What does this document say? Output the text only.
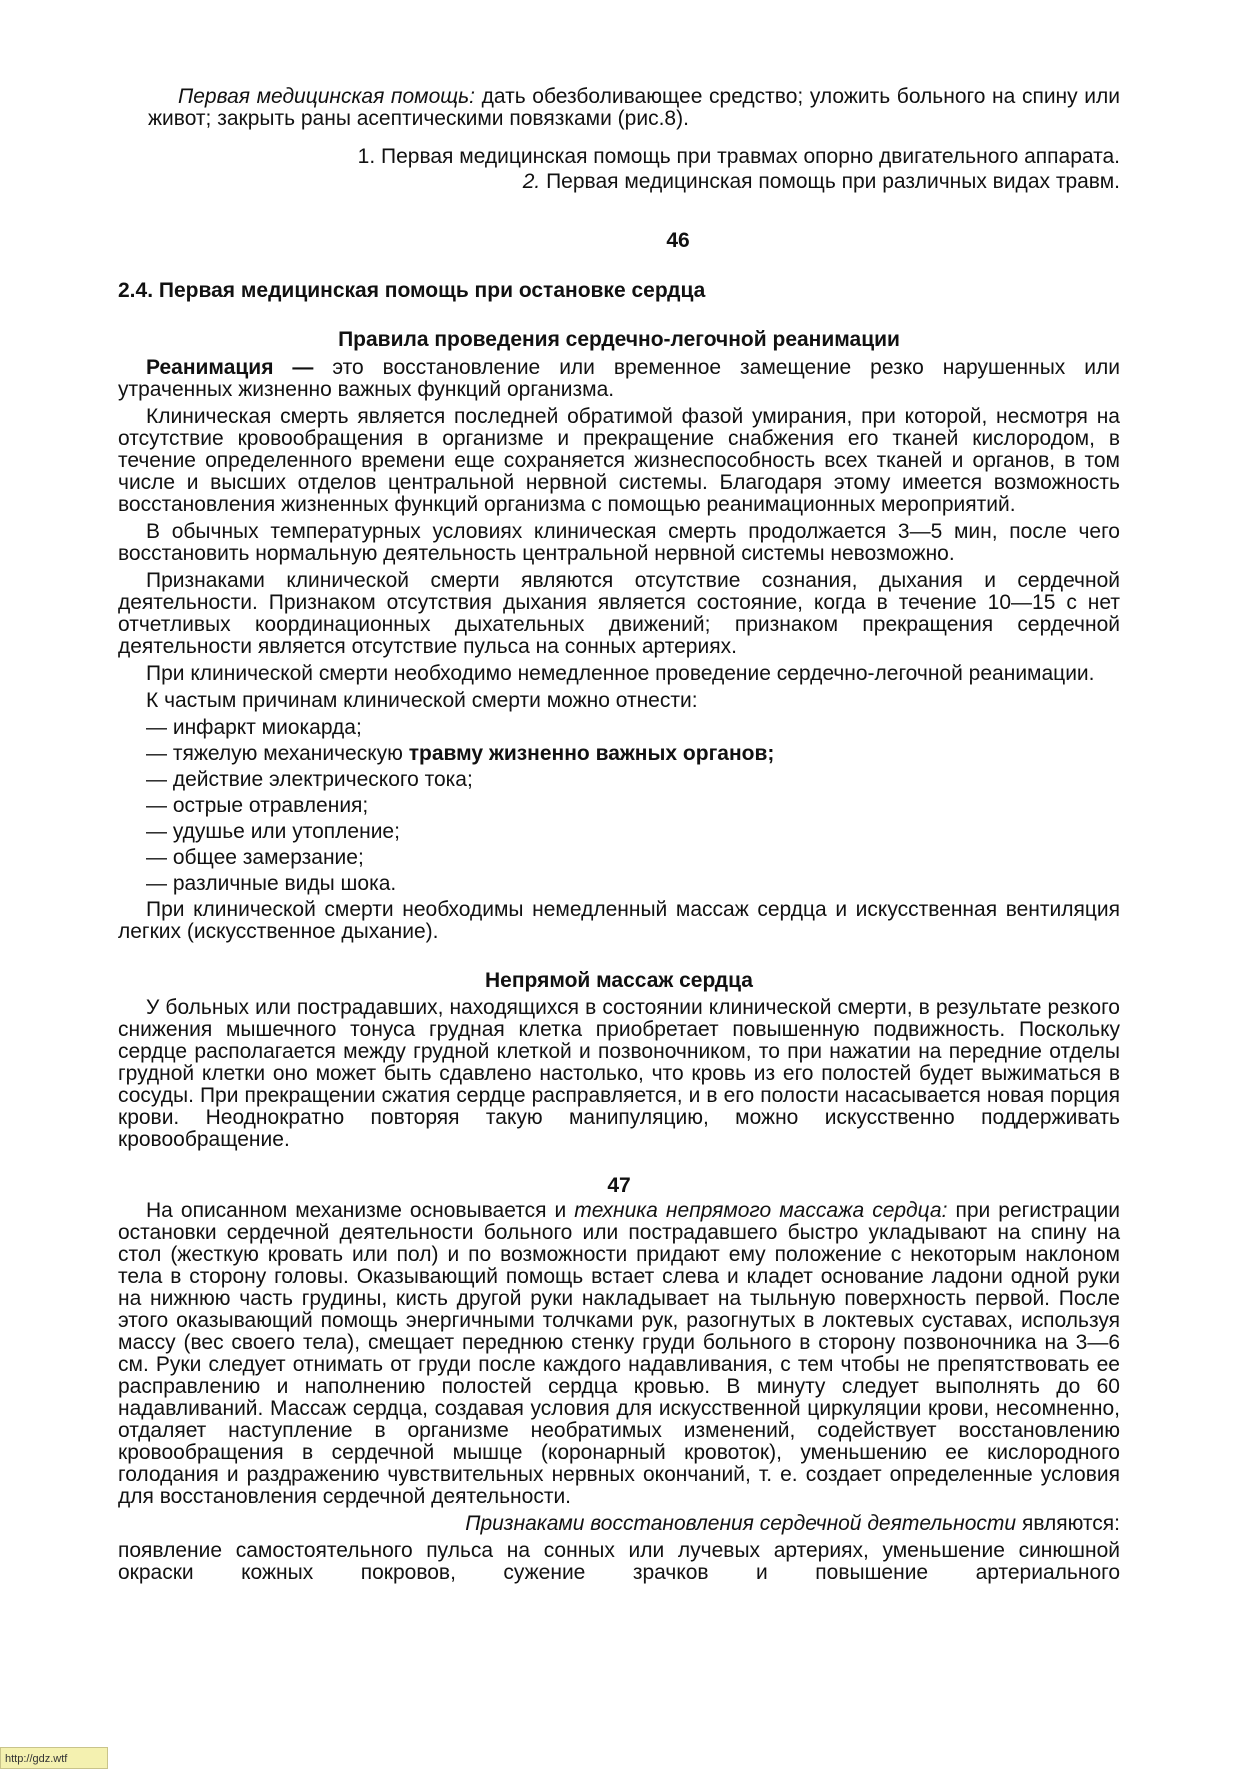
Первая медицинская помощь: дать обезболивающее средство; уложить больного на спину или живот; закрыть раны асептическими повязками (рис.8).

1. Первая медицинская помощь при травмах опорно двигательного аппарата.

2. Первая медицинская помощь при различных видах травм.

46

2.4. Первая медицинская помощь при остановке сердца

Правила проведения сердечно-легочной реанимации

Реанимация — это восстановление или временное замещение резко нарушенных или утраченных жизненно важных функций организма.

Клиническая смерть является последней обратимой фазой умирания, при которой, несмотря на отсутствие кровообращения в организме и прекращение снабжения его тканей кислородом, в течение определенного времени еще сохраняется жизнеспособность всех тканей и органов, в том числе и высших отделов центральной нервной системы. Благодаря этому имеется возможность восстановления жизненных функций организма с помощью реанимационных мероприятий.

В обычных температурных условиях клиническая смерть продолжается 3—5 мин, после чего восстановить нормальную деятельность центральной нервной системы невозможно.

Признаками клинической смерти являются отсутствие сознания, дыхания и сердечной деятельности. Признаком отсутствия дыхания является состояние, когда в течение 10—15 с нет отчетливых координационных дыхательных движений; признаком прекращения сердечной деятельности является отсутствие пульса на сонных артериях.

При клинической смерти необходимо немедленное проведение сердечно-легочной реанимации.

К частым причинам клинической смерти можно отнести:

— инфаркт миокарда;

— тяжелую механическую травму жизненно важных органов;

— действие электрического тока;

— острые отравления;

— удушье или утопление;

— общее замерзание;

— различные виды шока.

При клинической смерти необходимы немедленный массаж сердца и искусственная вентиляция легких (искусственное дыхание).

Непрямой массаж сердца

У больных или пострадавших, находящихся в состоянии клинической смерти, в результате резкого снижения мышечного тонуса грудная клетка приобретает повышенную подвижность. Поскольку сердце располагается между грудной клеткой и позвоночником, то при нажатии на передние отделы грудной клетки оно может быть сдавлено настолько, что кровь из его полостей будет выжиматься в сосуды. При прекращении сжатия сердце расправляется, и в его полости насасывается новая порция крови. Неоднократно повторяя такую манипуляцию, можно искусственно поддерживать кровообращение.

47

На описанном механизме основывается и техника непрямого массажа сердца: при регистрации остановки сердечной деятельности больного или пострадавшего быстро укладывают на спину на стол (жесткую кровать или пол) и по возможности придают ему положение с некоторым наклоном тела в сторону головы. Оказывающий помощь встает слева и кладет основание ладони одной руки на нижнюю часть грудины, кисть другой руки накладывает на тыльную поверхность первой. После этого оказывающий помощь энергичными толчками рук, разогнутых в локтевых суставах, используя массу (вес своего тела), смещает переднюю стенку груди больного в сторону позвоночника на 3—6 см. Руки следует отнимать от груди после каждого надавливания, с тем чтобы не препятствовать ее расправлению и наполнению полостей сердца кровью. В минуту следует выполнять до 60 надавливаний. Массаж сердца, создавая условия для искусственной циркуляции крови, несомненно, отдаляет наступление в организме необратимых изменений, содействует восстановлению кровообращения в сердечной мышце (коронарный кровоток), уменьшению ее кислородного голодания и раздражению чувствительных нервных окончаний, т. е. создает определенные условия для восстановления сердечной деятельности.

Признаками восстановления сердечной деятельности являются:

появление самостоятельного пульса на сонных или лучевых артериях, уменьшение синюшной окраски кожных покровов, сужение зрачков и повышение артериального

http://gdz.wtf
